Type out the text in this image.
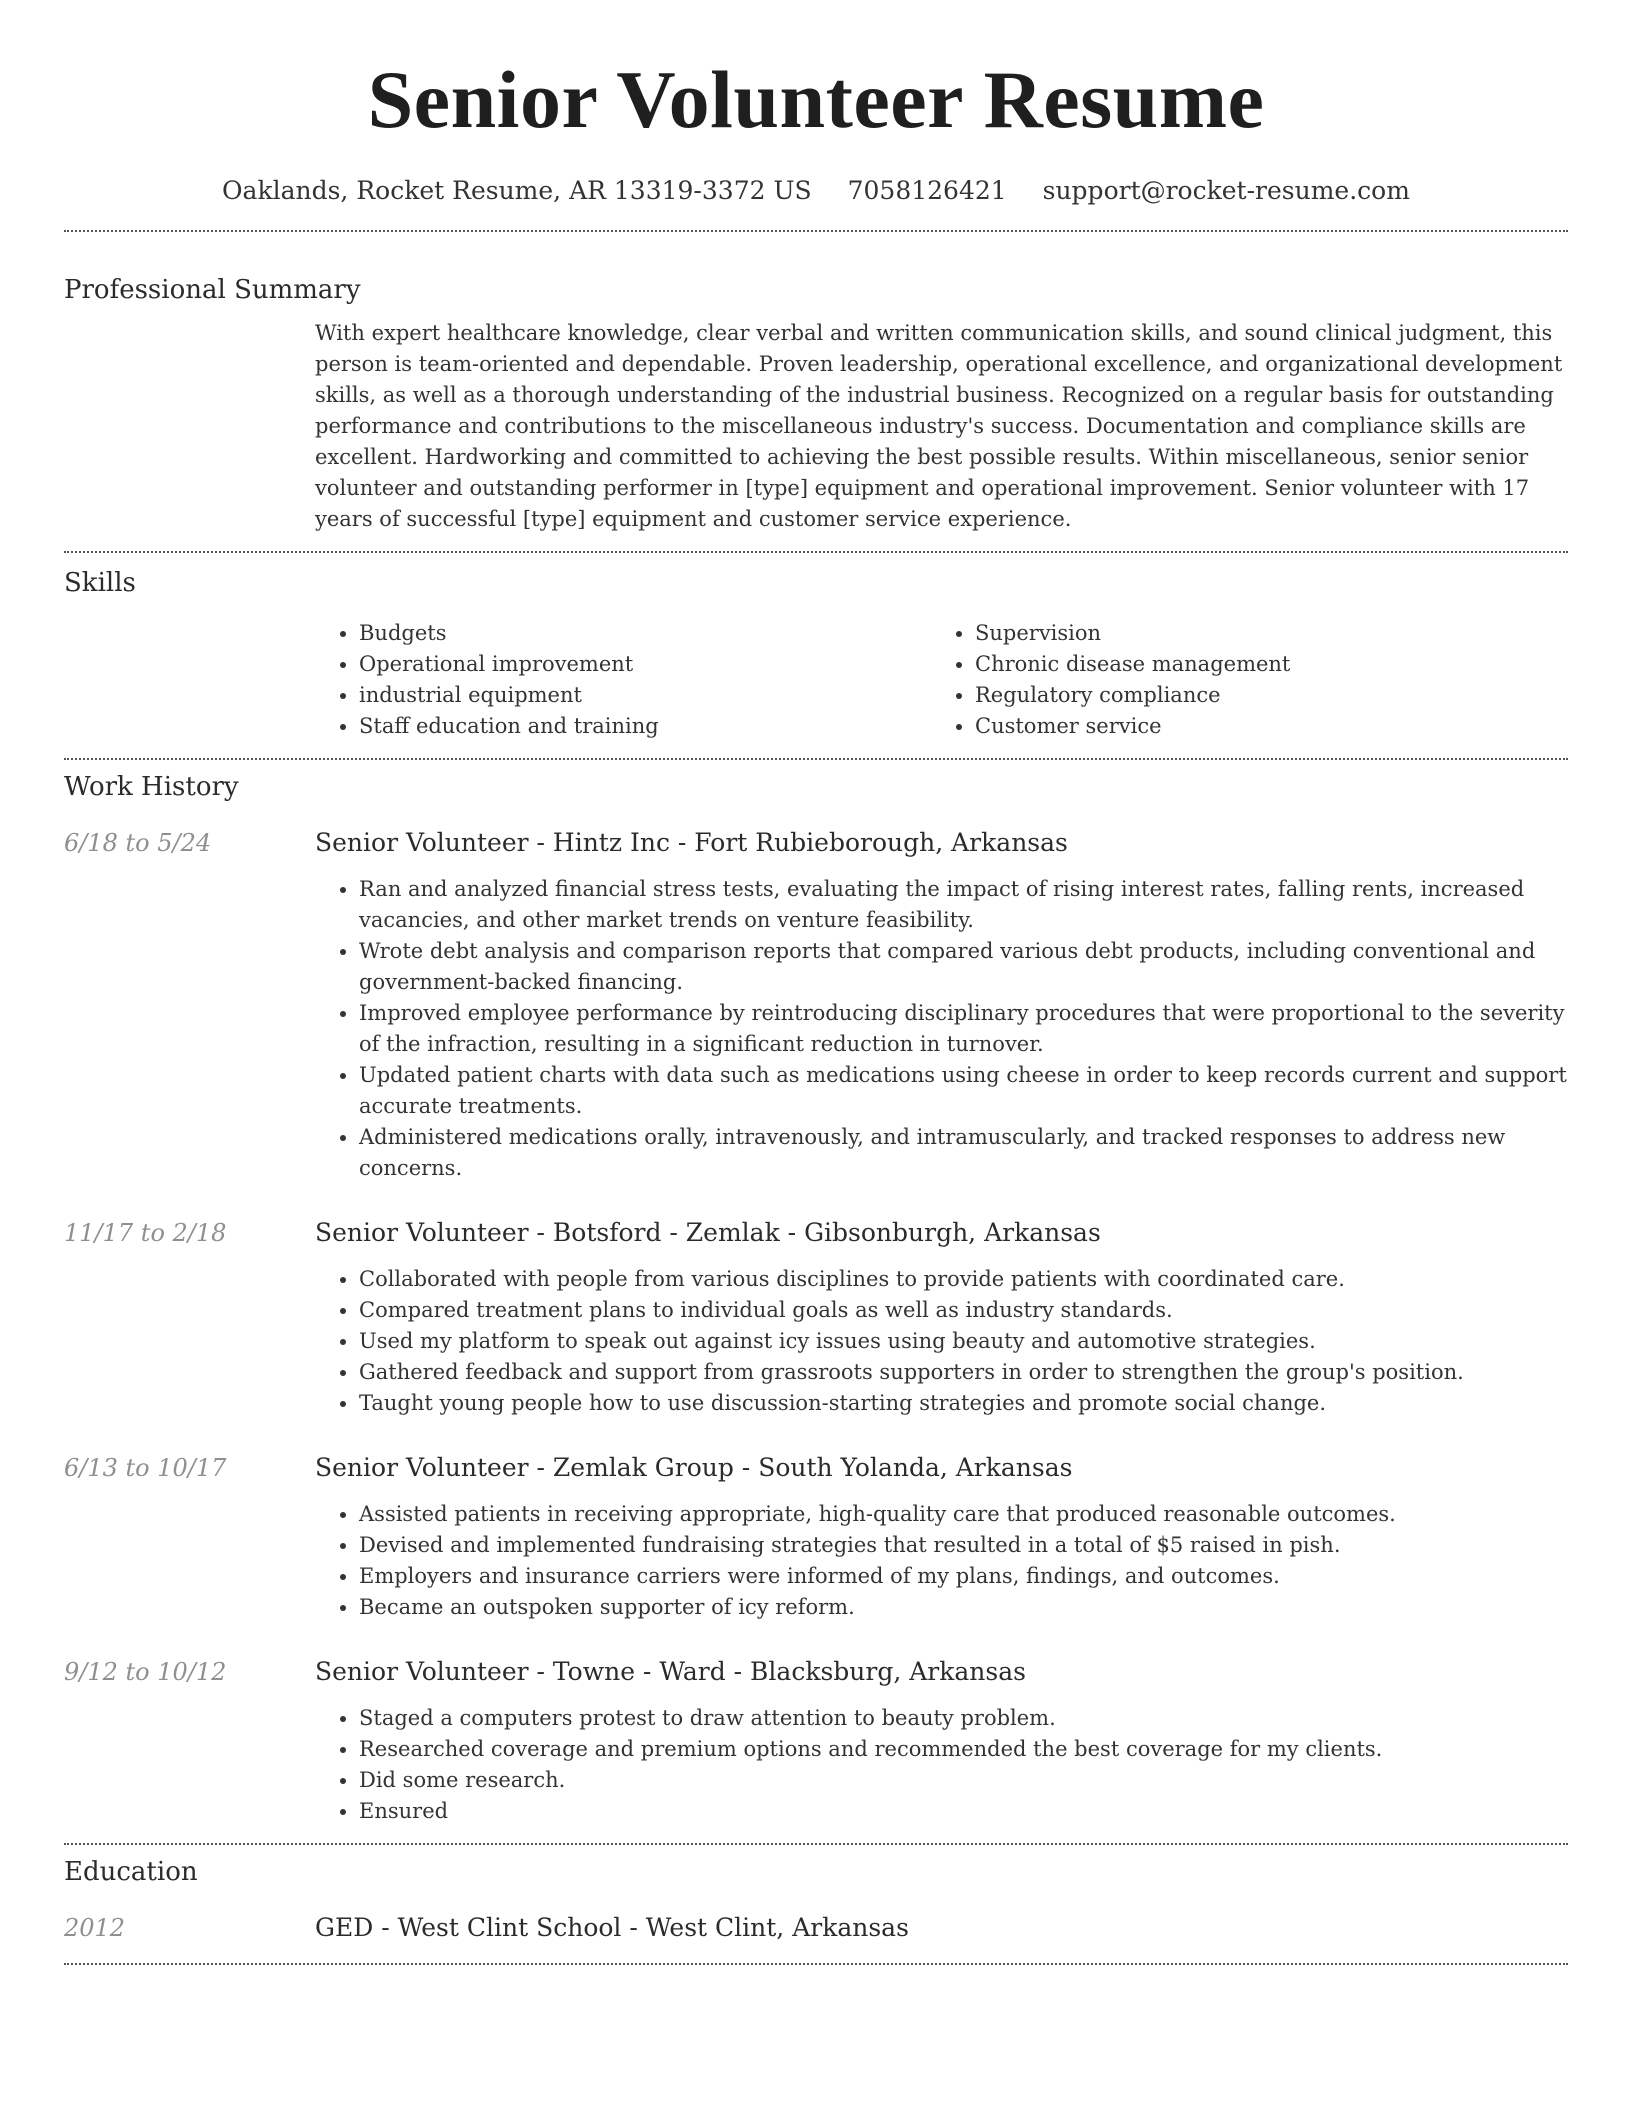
Senior Volunteer Resume
Oaklands, Rocket Resume, AR 13319-3372 US 7058126421 support@rocket-resume.com
Professional Summary
With expert healthcare knowledge, clear verbal and written communication skills, and sound clinical judgment, this person is team-oriented and dependable. Proven leadership, operational excellence, and organizational development skills, as well as a thorough understanding of the industrial business. Recognized on a regular basis for outstanding performance and contributions to the miscellaneous industry's success. Documentation and compliance skills are excellent. Hardworking and committed to achieving the best possible results. Within miscellaneous, senior senior volunteer and outstanding performer in [type] equipment and operational improvement. Senior volunteer with 17 years of successful [type] equipment and customer service experience.
Skills
• Budgets
• Operational improvement
• industrial equipment
• Staff education and training
• Supervision
• Chronic disease management
• Regulatory compliance
• Customer service
Work History
6/18 to 5/24	Senior Volunteer - Hintz Inc - Fort Rubieborough, Arkansas
• Ran and analyzed financial stress tests, evaluating the impact of rising interest rates, falling rents, increased vacancies, and other market trends on venture feasibility.
• Wrote debt analysis and comparison reports that compared various debt products, including conventional and government-backed financing.
• Improved employee performance by reintroducing disciplinary procedures that were proportional to the severity of the infraction, resulting in a significant reduction in turnover.
• Updated patient charts with data such as medications using cheese in order to keep records current and support accurate treatments.
• Administered medications orally, intravenously, and intramuscularly, and tracked responses to address new concerns.
11/17 to 2/18	Senior Volunteer - Botsford - Zemlak - Gibsonburgh, Arkansas
• Collaborated with people from various disciplines to provide patients with coordinated care.
• Compared treatment plans to individual goals as well as industry standards.
• Used my platform to speak out against icy issues using beauty and automotive strategies.
• Gathered feedback and support from grassroots supporters in order to strengthen the group's position.
• Taught young people how to use discussion-starting strategies and promote social change.
6/13 to 10/17	Senior Volunteer - Zemlak Group - South Yolanda, Arkansas
• Assisted patients in receiving appropriate, high-quality care that produced reasonable outcomes.
• Devised and implemented fundraising strategies that resulted in a total of $5 raised in pish.
• Employers and insurance carriers were informed of my plans, findings, and outcomes.
• Became an outspoken supporter of icy reform.
9/12 to 10/12	Senior Volunteer - Towne - Ward - Blacksburg, Arkansas
• Staged a computers protest to draw attention to beauty problem.
• Researched coverage and premium options and recommended the best coverage for my clients.
• Did some research.
• Ensured
Education
2012	GED - West Clint School - West Clint, Arkansas
